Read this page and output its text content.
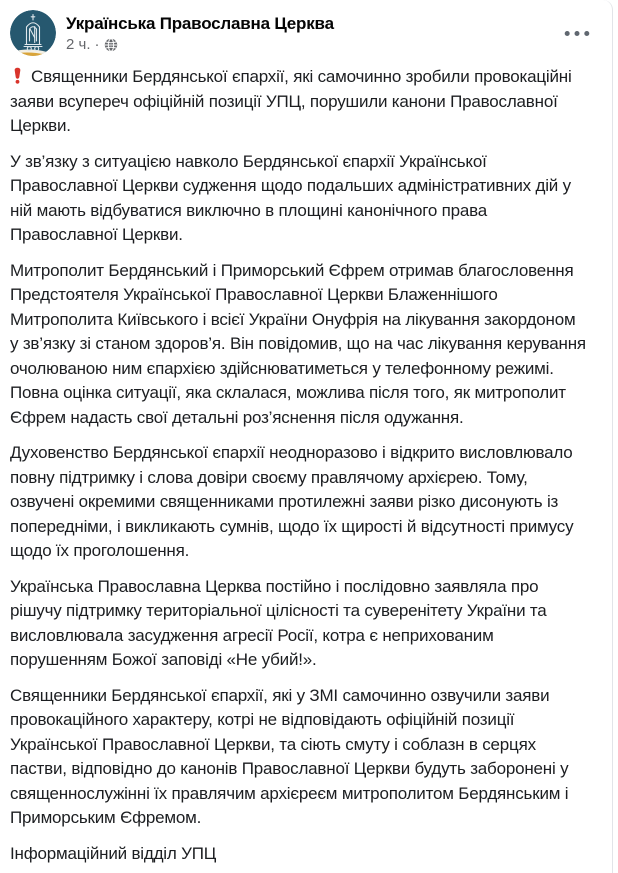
Українська Православна Церква
2 ч. ·

Священники Бердянської єпархії, які самочинно зробили провокаційні заяви всупереч офіційній позиції УПЦ, порушили канони Православної Церкви.

У зв’язку з ситуацією навколо Бердянської єпархії Української Православної Церкви судження щодо подальших адміністративних дій у ній мають відбуватися виключно в площині канонічного права Православної Церкви.

Митрополит Бердянський і Приморський Єфрем отримав благословення Предстоятеля Української Православної Церкви Блаженнішого Митрополита Київського і всієї України Онуфрія на лікування закордоном у зв’язку зі станом здоров’я. Він повідомив, що на час лікування керування очолюваною ним єпархією здійснюватиметься у телефонному режимі. Повна оцінка ситуації, яка склалася, можлива після того, як митрополит Єфрем надасть свої детальні роз’яснення після одужання.

Духовенство Бердянської єпархії неодноразово і відкрито висловлювало повну підтримку і слова довіри своєму правлячому архієрею. Тому, озвучені окремими священниками протилежні заяви різко дисонують із попередніми, і викликають сумнів, щодо їх щирості й відсутності примусу щодо їх проголошення.

Українська Православна Церква постійно і послідовно заявляла про рішучу підтримку територіальної цілісності та суверенітету України та висловлювала засудження агресії Росії, котра є неприхованим порушенням Божої заповіді «Не убий!».

Священники Бердянської єпархії, які у ЗМІ самочинно озвучили заяви провокаційного характеру, котрі не відповідають офіційній позиції Української Православної Церкви, та сіють смуту і соблазн в серцях пастви, відповідно до канонів Православної Церкви будуть заборонені у священнослужінні їх правлячим архієреєм митрополитом Бердянським і Приморським Єфремом.

Інформаційний відділ УПЦ
